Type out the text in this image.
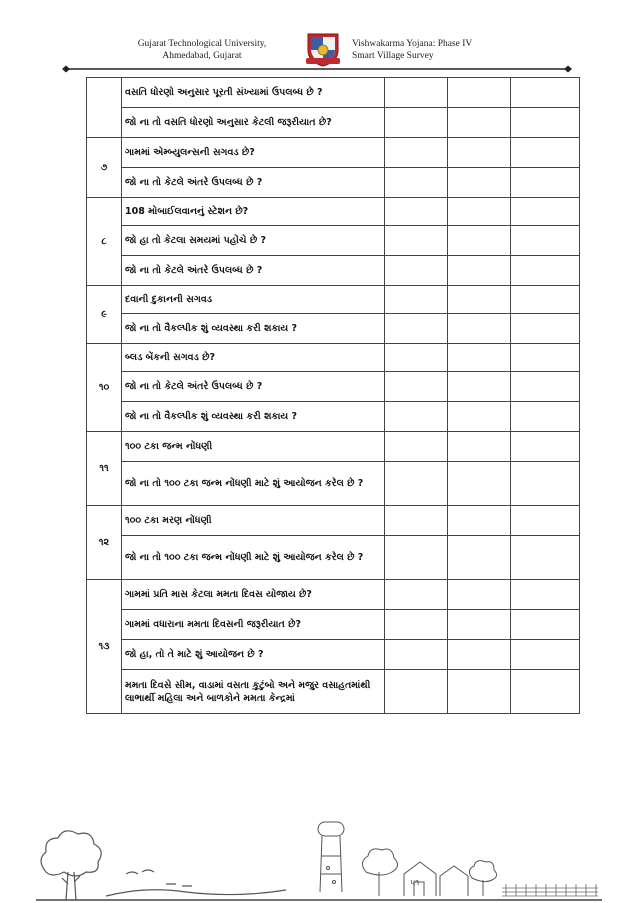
Gujarat Technological University,
Ahmedabad, Gujarat
Vishwakarma Yojana: Phase IV
Smart Village Survey
	વસતિ ધોરણો અનુસાર પૂરતી સંખ્યામાં ઉપલબ્ધ છે ?			
	જો ના તો વસતિ ધોરણો અનુસાર કેટલી જરૂરીયાત છે?			
૭	ગામમાં એમ્બ્યુલન્સની સગવડ છે?			
	જો ના તો કેટલે અંતરે ઉપલબ્ધ છે ?			
૮	108 મોબાઈલવાનનું સ્ટેશન છે?			
	જો હા તો કેટલા સમયમાં પહોંચે છે ?			
	જો ના તો કેટલે અંતરે ઉપલબ્ધ છે ?			
૯	દવાની દુકાનની સગવડ			
	જો ના તો વૈકલ્પીક શું વ્યવસ્થા કરી શકાય ?			
૧૦	બ્લડ બેંકની સગવડ છે?			
	જો ના તો કેટલે અંતરે ઉપલબ્ધ છે ?			
	જો ના તો વૈકલ્પીક શું વ્યવસ્થા કરી શકાય ?			
૧૧	૧૦૦ ટકા જન્મ નોંધણી			
	જો ના તો ૧૦૦ ટકા જન્મ નોંધણી માટે શું આયોજન કરેલ છે ?			
૧૨	૧૦૦ ટકા મરણ નોંધણી			
	જો ના તો ૧૦૦ ટકા જન્મ નોંધણી માટે શું આયોજન કરેલ છે ?			
૧૩	ગામમાં પ્રતિ માસ કેટલા મમતા દિવસ યોજાય છે?			
	ગામમાં વધારાના મમતા દિવસની જરૂરીયાત છે?			
	જો હા, તો તે માટે શું આયોજન છે ?			
	મમતા દિવસે સીમ, વાડામાં વસતા કુટુંબો અને મજુર વસાહતમાંથી લાભાર્થી મહિલા અને બાળકોને મમતા કેન્દ્રમાં			
૫૧
